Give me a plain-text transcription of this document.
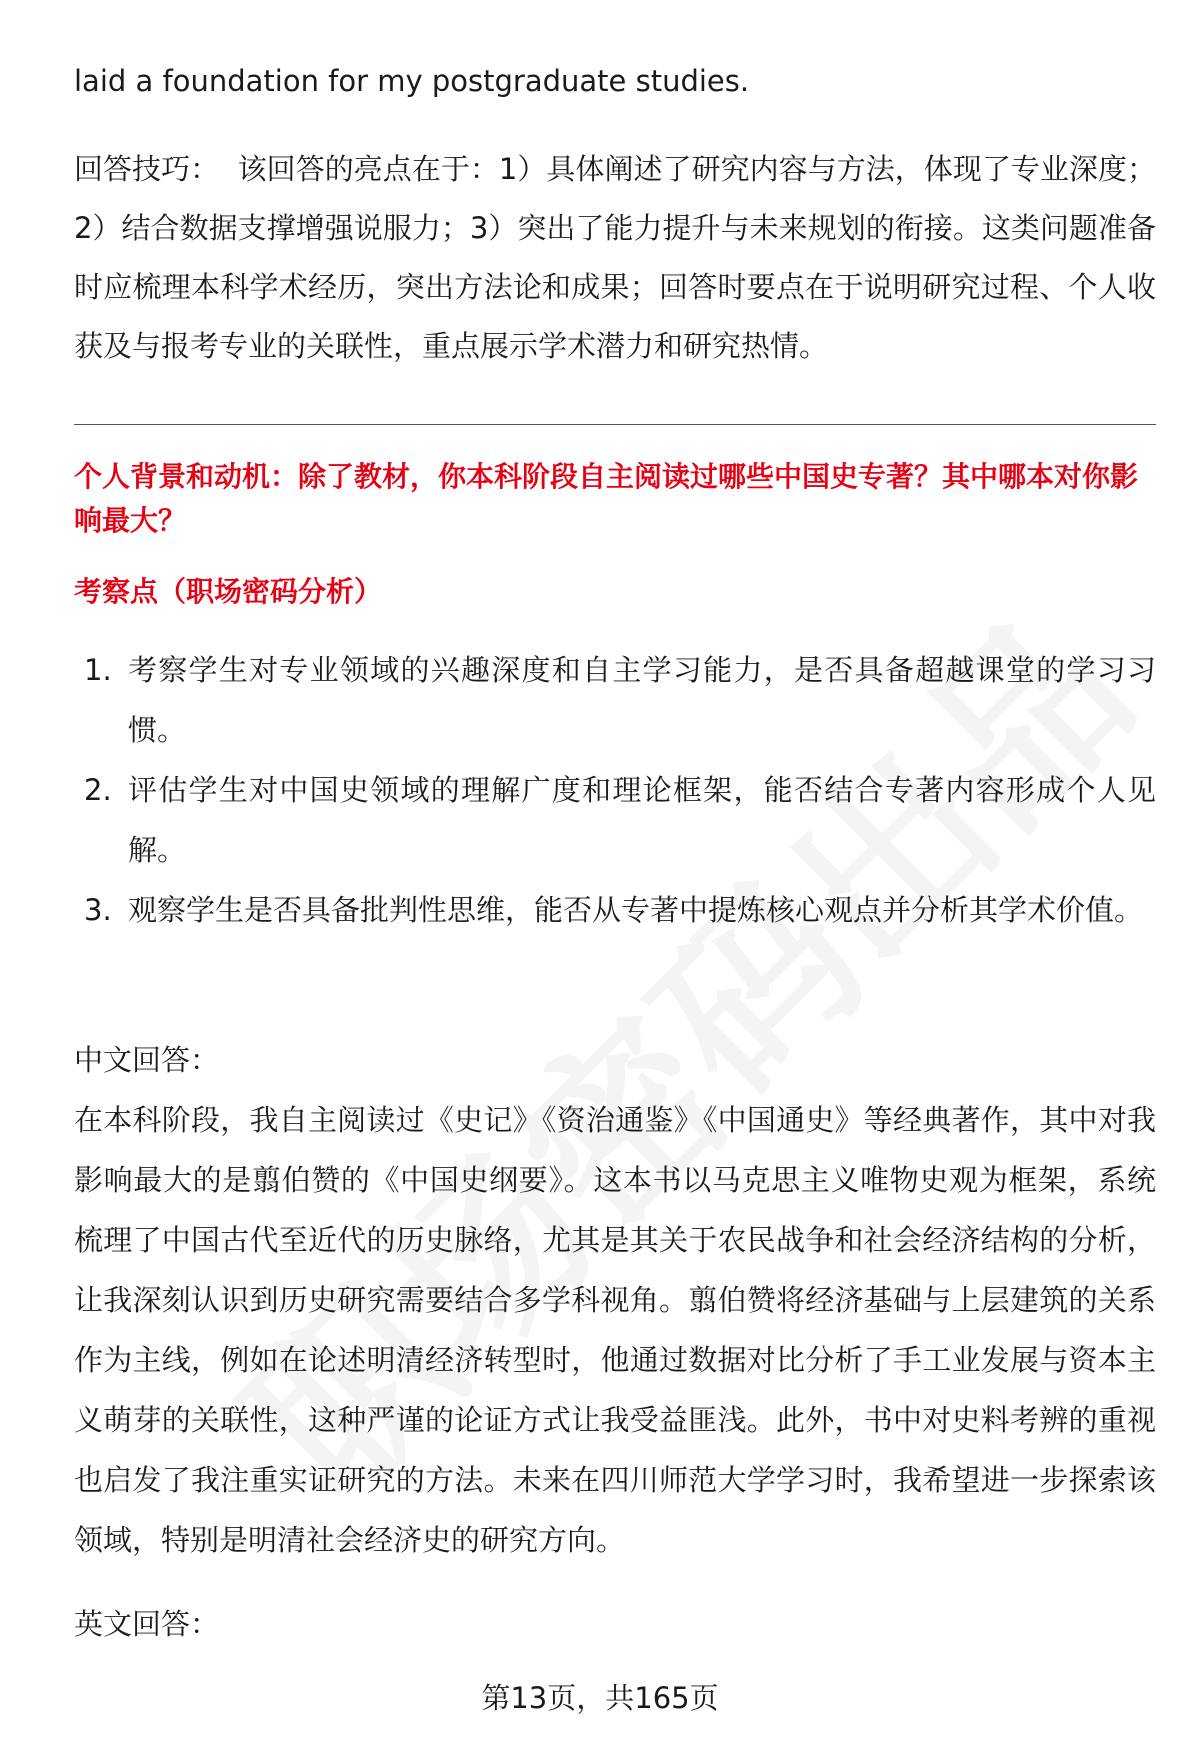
laid a foundation for my postgraduate studies.

回答技巧： 该回答的亮点在于：1）具体阐述了研究内容与方法，体现了专业深度；2）结合数据支撑增强说服力；3）突出了能力提升与未来规划的衔接。这类问题准备时应梳理本科学术经历，突出方法论和成果；回答时要点在于说明研究过程、个人收获及与报考专业的关联性，重点展示学术潜力和研究热情。

个人背景和动机：除了教材，你本科阶段自主阅读过哪些中国史专著？其中哪本对你影响最大？

考察点（职场密码分析）

1. 考察学生对专业领域的兴趣深度和自主学习能力，是否具备超越课堂的学习习惯。
2. 评估学生对中国史领域的理解广度和理论框架，能否结合专著内容形成个人见解。
3. 观察学生是否具备批判性思维，能否从专著中提炼核心观点并分析其学术价值。

中文回答：

在本科阶段，我自主阅读过《史记》《资治通鉴》《中国通史》等经典著作，其中对我影响最大的是翦伯赞的《中国史纲要》。这本书以马克思主义唯物史观为框架，系统梳理了中国古代至近代的历史脉络，尤其是其关于农民战争和社会经济结构的分析，让我深刻认识到历史研究需要结合多学科视角。翦伯赞将经济基础与上层建筑的关系作为主线，例如在论述明清经济转型时，他通过数据对比分析了手工业发展与资本主义萌芽的关联性，这种严谨的论证方式让我受益匪浅。此外，书中对史料考辨的重视也启发了我注重实证研究的方法。未来在四川师范大学学习时，我希望进一步探索该领域，特别是明清社会经济史的研究方向。

英文回答：

第13页，共165页
